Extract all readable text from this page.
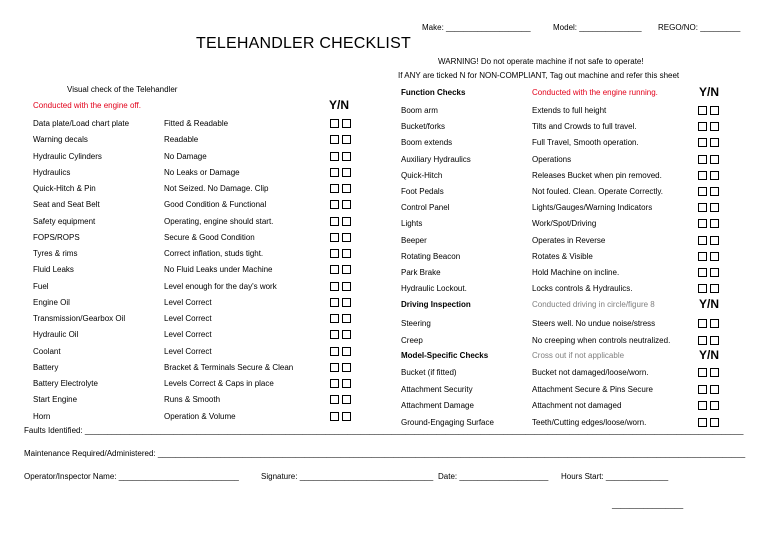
Make: ___________________	Model: ______________ REGO/NO: _________
TELEHANDLER CHECKLIST
WARNING! Do not operate machine if not safe to operate!
If ANY are ticked N for NON-COMPLIANT, Tag out machine and refer this sheet
Visual check of the Telehandler
Conducted with the engine off.	Y/N
Data plate/Load chart plate	Fitted & Readable
Warning decals	Readable
Hydraulic Cylinders	No Damage
Hydraulics	No Leaks or Damage
Quick-Hitch & Pin	Not Seized. No Damage. Clip
Seat and Seat Belt	Good Condition & Functional
Safety equipment	Operating, engine should start.
FOPS/ROPS	Secure & Good Condition
Tyres & rims	Correct inflation, studs tight.
Fluid Leaks	No Fluid Leaks under Machine
Fuel	Level enough for the day's work
Engine Oil	Level Correct
Transmission/Gearbox Oil	Level Correct
Hydraulic Oil	Level Correct
Coolant	Level Correct
Battery	Bracket & Terminals Secure & Clean
Battery Electrolyte	Levels Correct & Caps in place
Start Engine	Runs & Smooth
Horn	Operation & Volume
Function Checks	Conducted with the engine running.	Y/N
Boom arm	Extends to full height
Bucket/forks	Tilts and Crowds to full travel.
Boom extends	Full Travel, Smooth operation.
Auxiliary Hydraulics	Operations
Quick-Hitch	Releases Bucket when pin removed.
Foot Pedals	Not fouled. Clean. Operate Correctly.
Control Panel	Lights/Gauges/Warning Indicators
Lights	Work/Spot/Driving
Beeper	Operates in Reverse
Rotating Beacon	Rotates & Visible
Park Brake	Hold Machine on incline.
Hydraulic Lockout.	Locks controls & Hydraulics.
Driving Inspection	Conducted driving in circle/figure 8	Y/N
Steering	Steers well. No undue noise/stress
Creep	No creeping when controls neutralized.
Model-Specific Checks	Cross out if not applicable	Y/N
Bucket (if fitted)	Bucket not damaged/loose/worn.
Attachment Security	Attachment Secure & Pins Secure
Attachment Damage	Attachment not damaged
Ground-Engaging Surface	Teeth/Cutting edges/loose/worn.
Faults Identified: ____________________________________________________________________________________________________________________________________________________
Maintenance Required/Administered: ____________________________________________________________________________________________________________________________________
Operator/Inspector Name: ___________________________	Signature: ______________________________ Date: ____________________ Hours Start: ______________
________________
